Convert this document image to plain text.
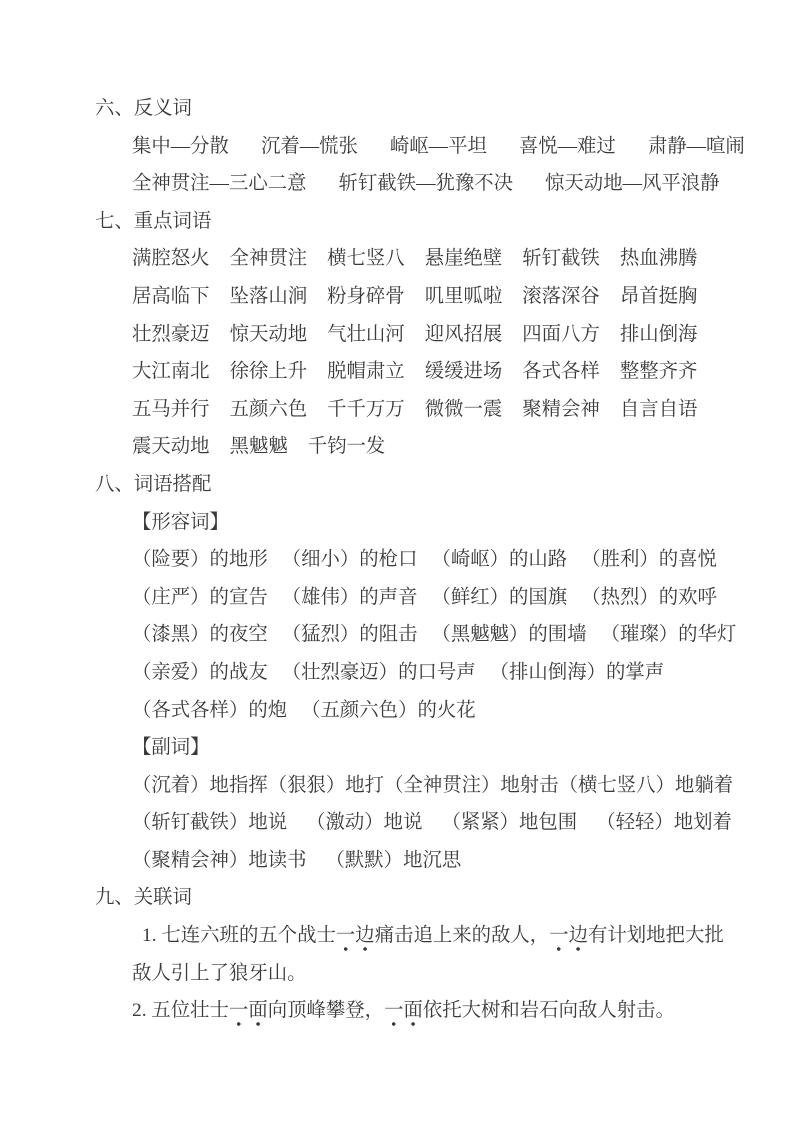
六、反义词
集中—分散 沉着—慌张 崎岖—平坦 喜悦—难过 肃静—喧闹
全神贯注—三心二意 斩钉截铁—犹豫不决 惊天动地—风平浪静
七、重点词语
满腔怒火 全神贯注 横七竖八 悬崖绝壁 斩钉截铁 热血沸腾
居高临下 坠落山涧 粉身碎骨 叽里呱啦 滚落深谷 昂首挺胸
壮烈豪迈 惊天动地 气壮山河 迎风招展 四面八方 排山倒海
大江南北 徐徐上升 脱帽肃立 缓缓进场 各式各样 整整齐齐
五马并行 五颜六色 千千万万 微微一震 聚精会神 自言自语
震天动地 黑魆魆 千钧一发
八、词语搭配
【形容词】
（险要）的地形 （细小）的枪口 （崎岖）的山路 （胜利）的喜悦
（庄严）的宣告 （雄伟）的声音 （鲜红）的国旗 （热烈）的欢呼
（漆黑）的夜空 （猛烈）的阻击 （黑魆魆）的围墙 （璀璨）的华灯
（亲爱）的战友 （壮烈豪迈）的口号声 （排山倒海）的掌声
（各式各样）的炮 （五颜六色）的火花
【副词】
（沉着）地指挥（狠狠）地打（全神贯注）地射击（横七竖八）地躺着
（斩钉截铁）地说 （激动）地说 （紧紧）地包围 （轻轻）地划着
（聚精会神）地读书 （默默）地沉思
九、关联词

1. 七连六班的五个战士一边痛击追上来的敌人，一边有计划地把大批敌人引上了狼牙山。

2. 五位壮士一面向顶峰攀登，一面依托大树和岩石向敌人射击。
